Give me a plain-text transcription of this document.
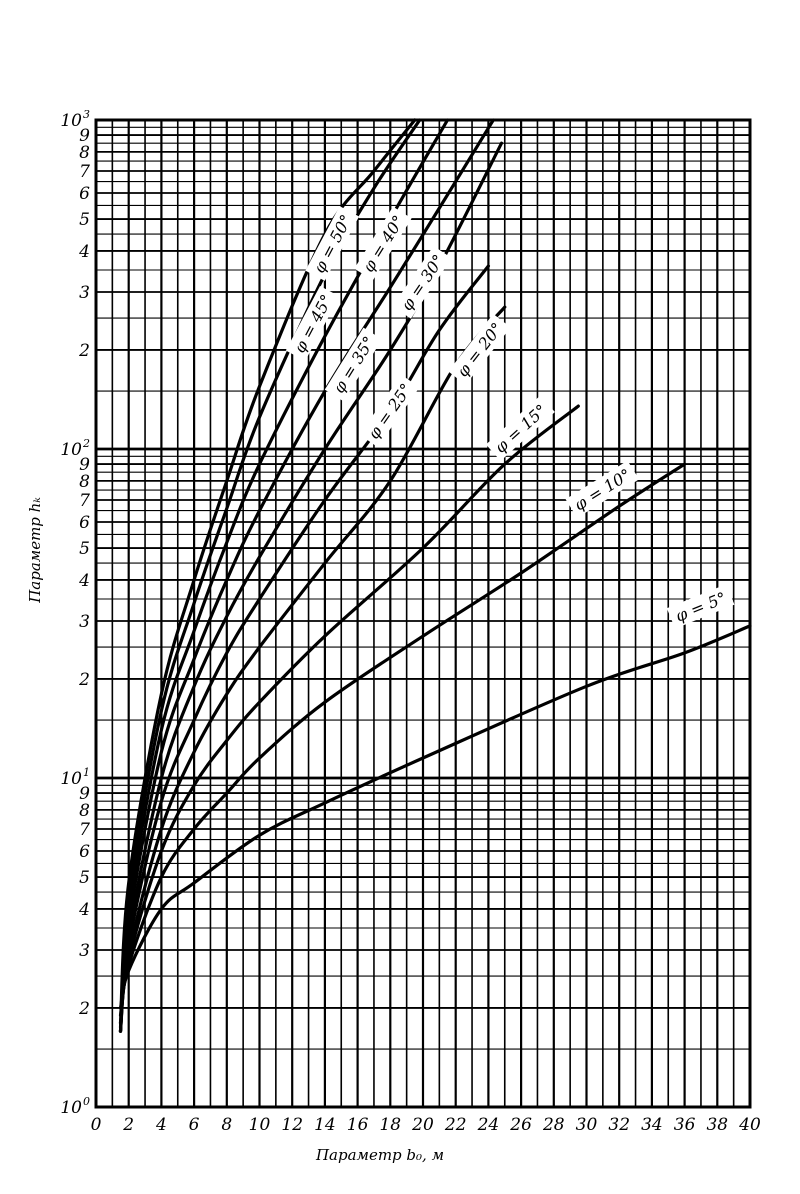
φ = 50°
φ = 45°
φ = 40°
φ = 35°
φ = 30°
φ = 25°
φ = 20°
φ = 15°
φ = 10°
φ = 5°
0 2 4 6 8 10 12 14 16 18 20 22 24 26 28 30 32 34 36 38 40
10 0
2
3
4
5
6
7
8
9
10 1
2
3
4
5
6
7
8
9
10 2
2
3
4
5
6
7
8
9
10 3
Параметр b₀, м
Параметр hₖ
